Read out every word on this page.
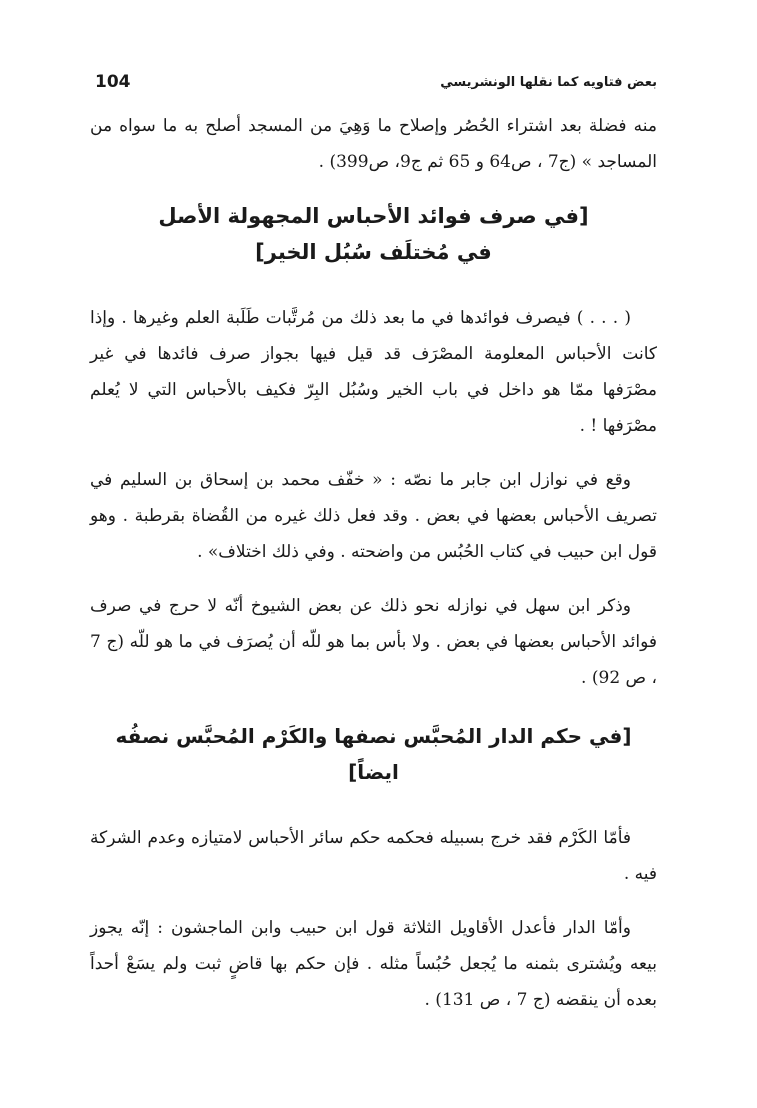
104	بعض فتاويه كما نقلها الونشريسي

منه فضلة بعد اشتراء الحُصُر وإصلاح ما وَهِيَ من المسجد أصلح به ما سواه من المساجد » (ج7 ، ص64 و 65 ثم ج9، ص399) .

[في صرف فوائد الأحباس المجهولة الأصل
في مُختلَف سُبُل الخير]

( . . . ) فيصرف فوائدها في ما بعد ذلك من مُرتَّبات طَلَبة العلم وغيرها . وإذا كانت الأحباس المعلومة المصْرَف قد قيل فيها بجواز صرف فائدها في غير مصْرَفها ممّا هو داخل في باب الخير وسُبُل البِرّ فكيف بالأحباس التي لا يُعلم مصْرَفها ! .

وقع في نوازل ابن جابر ما نصّه : « خفّف محمد بن إسحاق بن السليم في تصريف الأحباس بعضها في بعض . وقد فعل ذلك غيره من القُضاة بقرطبة . وهو قول ابن حبيب في كتاب الحُبُس من واضحته . وفي ذلك اختلاف» .

وذكر ابن سهل في نوازله نحو ذلك عن بعض الشيوخ أنّه لا حرج في صرف فوائد الأحباس بعضها في بعض . ولا بأس بما هو للّه أن يُصرَف في ما هو للّه (ج 7 ، ص 92) .

[في حكم الدار المُحبَّس نصفها والكَرْم المُحبَّس نصفُه ايضاً]

فأمّا الكَرْم فقد خرج بسبيله فحكمه حكم سائر الأحباس لامتيازه وعدم الشركة فيه .

وأمّا الدار فأعدل الأقاويل الثلاثة قول ابن حبيب وابن الماجشون : إنّه يجوز بيعه ويُشترى بثمنه ما يُجعل حُبُساً مثله . فإن حكم بها قاضٍ ثبت ولم يسَعْ أحداً بعده أن ينقضه (ج 7 ، ص 131) .
